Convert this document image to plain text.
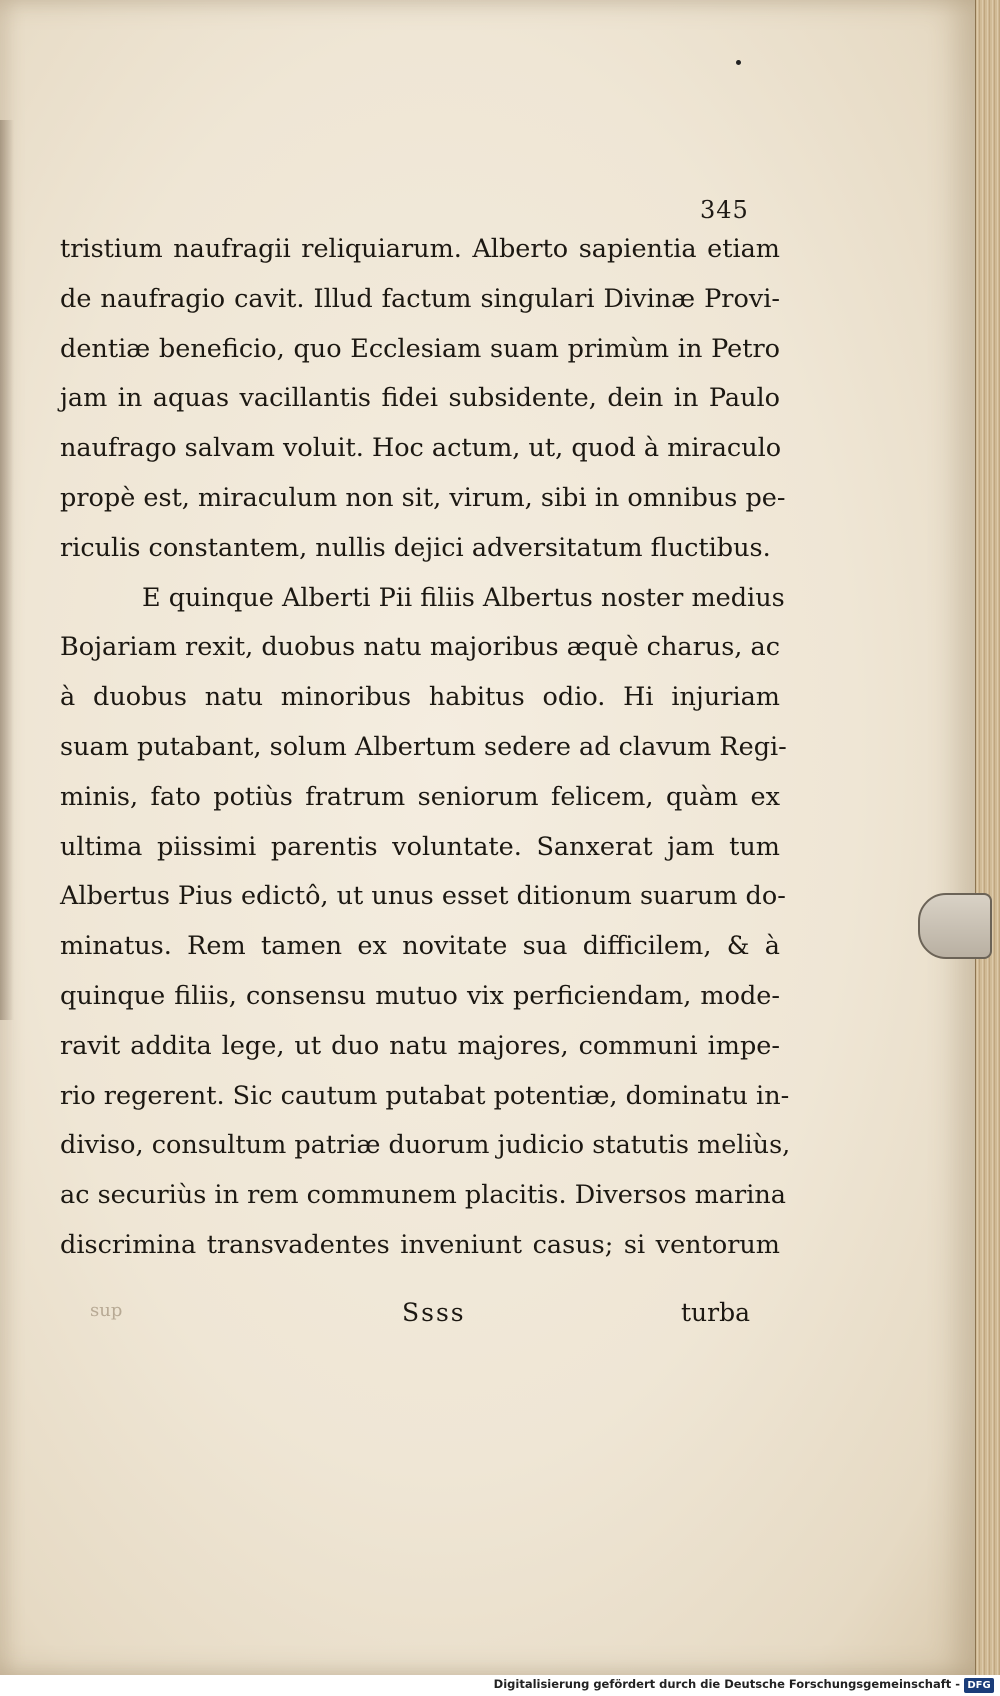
345
tristium naufragii reliquiarum. Alberto sapientia etiam
de naufragio cavit. Illud factum singulari Divinæ Provi-
dentiæ beneficio, quo Ecclesiam suam primùm in Petro
jam in aquas vacillantis fidei subsidente, dein in Paulo
naufrago salvam voluit. Hoc actum, ut, quod à miraculo
propè est, miraculum non sit, virum, sibi in omnibus pe-
riculis constantem, nullis dejici adversitatum fluctibus.
E quinque Alberti Pii filiis Albertus noster medius
Bojariam rexit, duobus natu majoribus æquè charus, ac
à duobus natu minoribus habitus odio. Hi injuriam
suam putabant, solum Albertum sedere ad clavum Regi-
minis, fato potiùs fratrum seniorum felicem, quàm ex
ultima piissimi parentis voluntate. Sanxerat jam tum
Albertus Pius edictô, ut unus esset ditionum suarum do-
minatus. Rem tamen ex novitate sua difficilem, & à
quinque filiis, consensu mutuo vix perficiendam, mode-
ravit addita lege, ut duo natu majores, communi impe-
rio regerent. Sic cautum putabat potentiæ, dominatu in-
diviso, consultum patriæ duorum judicio statutis meliùs,
ac securiùs in rem communem placitis. Diversos marina
discrimina transvadentes inveniunt casus; si ventorum
sup	Ssss	turba
Digitalisierung gefördert durch die Deutsche Forschungsgemeinschaft - DFG
